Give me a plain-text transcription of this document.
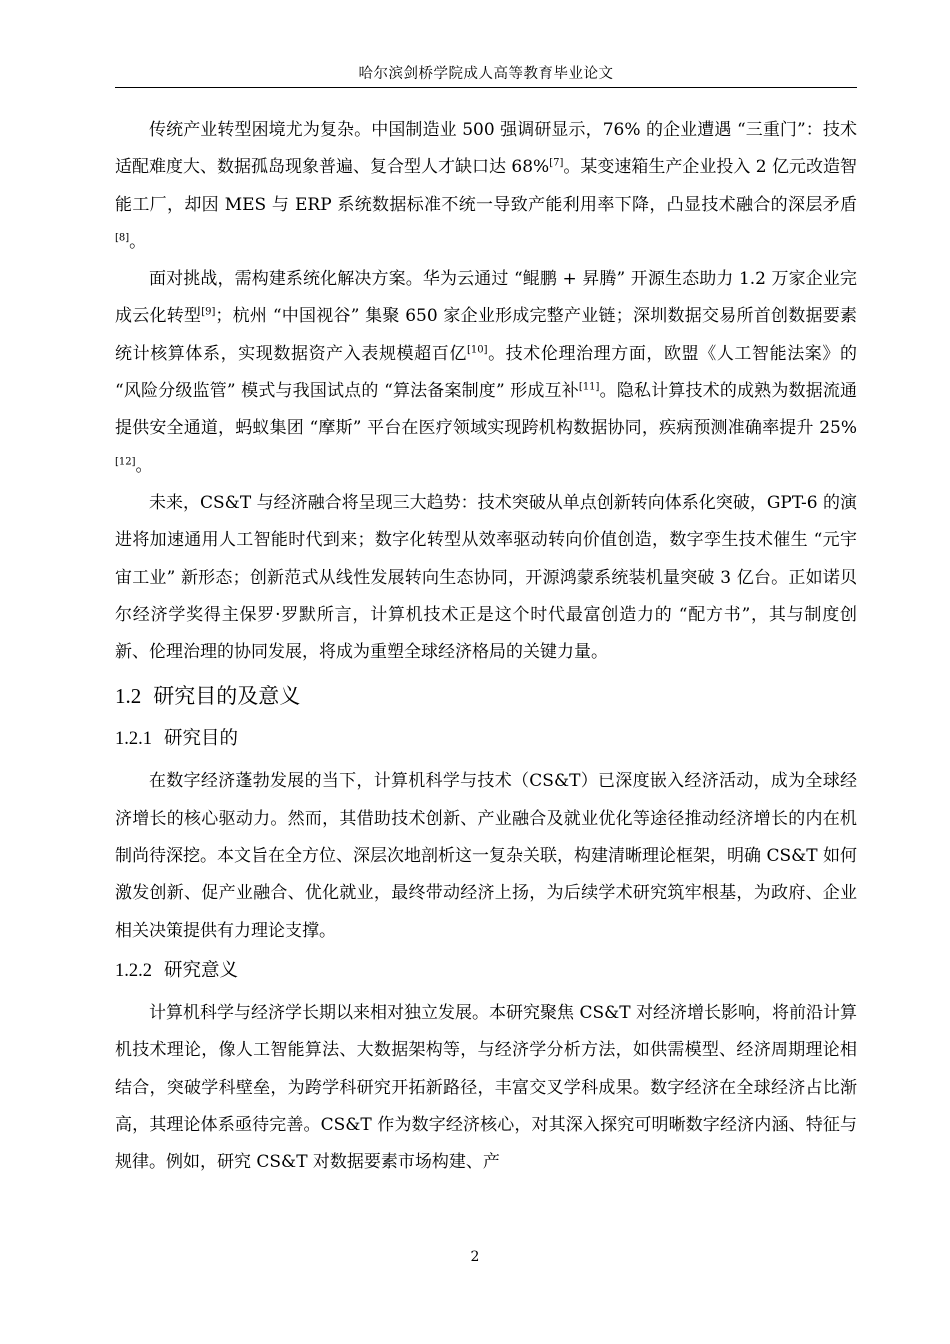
哈尔滨剑桥学院成人高等教育毕业论文

传统产业转型困境尤为复杂。中国制造业 500 强调研显示，76% 的企业遭遇 “三重门”：技术适配难度大、数据孤岛现象普遍、复合型人才缺口达 68%[7]。某变速箱生产企业投入 2 亿元改造智能工厂，却因 MES 与 ERP 系统数据标准不统一导致产能利用率下降，凸显技术融合的深层矛盾[8]。

面对挑战，需构建系统化解决方案。华为云通过 “鲲鹏 + 昇腾” 开源生态助力 1.2 万家企业完成云化转型[9]；杭州 “中国视谷” 集聚 650 家企业形成完整产业链；深圳数据交易所首创数据要素统计核算体系，实现数据资产入表规模超百亿[10]。技术伦理治理方面，欧盟《人工智能法案》的 “风险分级监管” 模式与我国试点的 “算法备案制度” 形成互补[11]。隐私计算技术的成熟为数据流通提供安全通道，蚂蚁集团 “摩斯” 平台在医疗领域实现跨机构数据协同，疾病预测准确率提升 25%[12]。

未来，CS&T 与经济融合将呈现三大趋势：技术突破从单点创新转向体系化突破，GPT-6 的演进将加速通用人工智能时代到来；数字化转型从效率驱动转向价值创造，数字孪生技术催生 “元宇宙工业” 新形态；创新范式从线性发展转向生态协同，开源鸿蒙系统装机量突破 3 亿台。正如诺贝尔经济学奖得主保罗·罗默所言，计算机技术正是这个时代最富创造力的 “配方书”，其与制度创新、伦理治理的协同发展，将成为重塑全球经济格局的关键力量。

1.2 研究目的及意义
1.2.1 研究目的

在数字经济蓬勃发展的当下，计算机科学与技术（CS&T）已深度嵌入经济活动，成为全球经济增长的核心驱动力。然而，其借助技术创新、产业融合及就业优化等途径推动经济增长的内在机制尚待深挖。本文旨在全方位、深层次地剖析这一复杂关联，构建清晰理论框架，明确 CS&T 如何激发创新、促产业融合、优化就业，最终带动经济上扬，为后续学术研究筑牢根基，为政府、企业相关决策提供有力理论支撑。

1.2.2 研究意义

计算机科学与经济学长期以来相对独立发展。本研究聚焦 CS&T 对经济增长影响，将前沿计算机技术理论，像人工智能算法、大数据架构等，与经济学分析方法，如供需模型、经济周期理论相结合，突破学科壁垒，为跨学科研究开拓新路径，丰富交叉学科成果。数字经济在全球经济占比渐高，其理论体系亟待完善。CS&T 作为数字经济核心，对其深入探究可明晰数字经济内涵、特征与规律。例如，研究 CS&T 对数据要素市场构建、产

2
